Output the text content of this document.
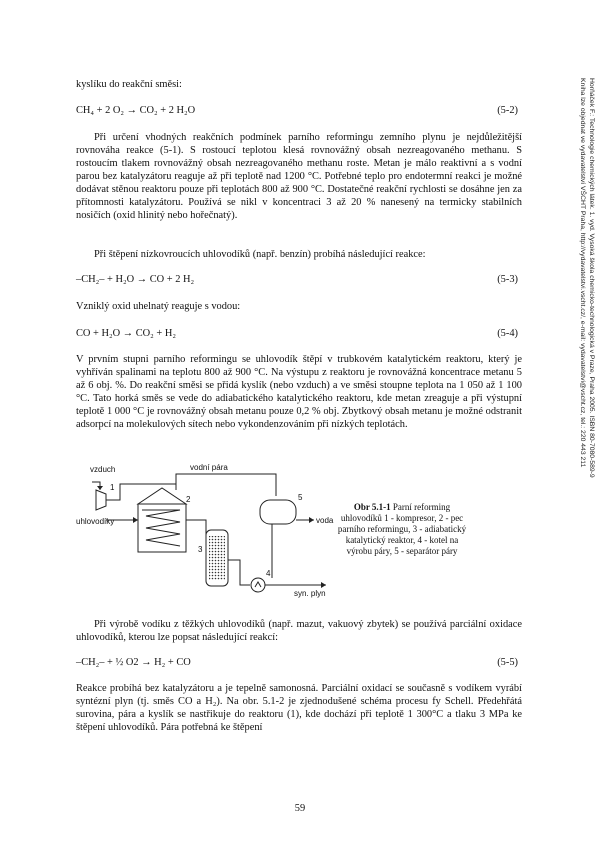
kyslíku do reakční směsi:

CH₄ + 2 O₂ → CO₂ + 2 H₂O	(5-2)

Při určení vhodných reakčních podmínek parního reformingu zemního plynu je nejdůležitější rovnováha reakce (5-1). S rostoucí teplotou klesá rovnovážný obsah nezreagovaného methanu. S rostoucím tlakem rovnovážný obsah nezreagovaného methanu roste. Metan je málo reaktivní a s vodní parou bez katalyzátoru reaguje až při teplotě nad 1200 °C. Potřebné teplo pro endotermní reakci je možné dodávat stěnou reaktoru pouze při teplotách 800 až 900 °C. Dostatečné reakční rychlosti se dosáhne jen za přítomnosti katalyzátoru. Používá se nikl v koncentraci 3 až 20 % nanesený na termicky stabilních nosičích (oxid hlinitý nebo hořečnatý).

Při štěpení nízkovroucích uhlovodíků (např. benzín) probíhá následující reakce:

–CH₂– + H₂O → CO + 2 H₂	(5-3)

Vzniklý oxid uhelnatý reaguje s vodou:

CO + H₂O → CO₂ + H₂	(5-4)

V prvním stupni parního reformingu se uhlovodík štěpí v trubkovém katalytickém reaktoru, který je vyhříván spalinami na teplotu 800 až 900 °C. Na výstupu z reaktoru je rovnovážná koncentrace metanu 5 až 6 obj. %. Do reakční směsi se přidá kyslík (nebo vzduch) a ve směsi stoupne teplota na 1 050 až 1 100 °C. Tato horká směs se vede do adiabatického katalytického reaktoru, kde metan zreaguje a při výstupní teplotě 1 000 °C je rovnovážný obsah metanu pouze 0,2 % obj. Zbytkový obsah metanu je možné odstranit adsorpcí na molekulových sítech nebo vykondenzováním při nízkých teplotách.

Při výrobě vodíku z těžkých uhlovodíků (např. mazut, vakuový zbytek) se používá parciální oxidace uhlovodíků, kterou lze popsat následující reakcí:

–CH₂– + ½ O2 → H₂ + CO	(5-5)

Reakce probíhá bez katalyzátoru a je tepelně samonosná. Parciální oxidací se současně s vodíkem vyrábí syntézní plyn (tj. směs CO a H₂). Na obr. 5.1-2 je zjednodušené schéma procesu fy Schell. Předehřátá surovina, pára a kyslík se nastřikuje do reaktoru (1), kde dochází při teplotě 1 300°C a tlaku 3 MPa ke štěpení uhlovodíků. Pára potřebná ke štěpení

vzduch	vodní pára
uhlovodíky	voda
syn. plyn
1
2
3
4
5
Obr 5.1-1 Parní reforming uhlovodíků 1 - kompresor, 2 - pec parního reformingu, 3 - adiabatický katalytický reaktor, 4 - kotel na výrobu páry, 5 - separátor páry
Horňáček F.: Technologie chemických látek. 1. vyd. Vysoká škola chemicko-technologická v Praze, Praha 2005. ISBN 80-7080-589-9
Kniha lze objednat ve vydavatelství VŠCHT Praha, http://vydavatelstvi.vscht.cz/, e-mail: vydavatelstvi@vscht.cz, tel.: 220 443 211
59
